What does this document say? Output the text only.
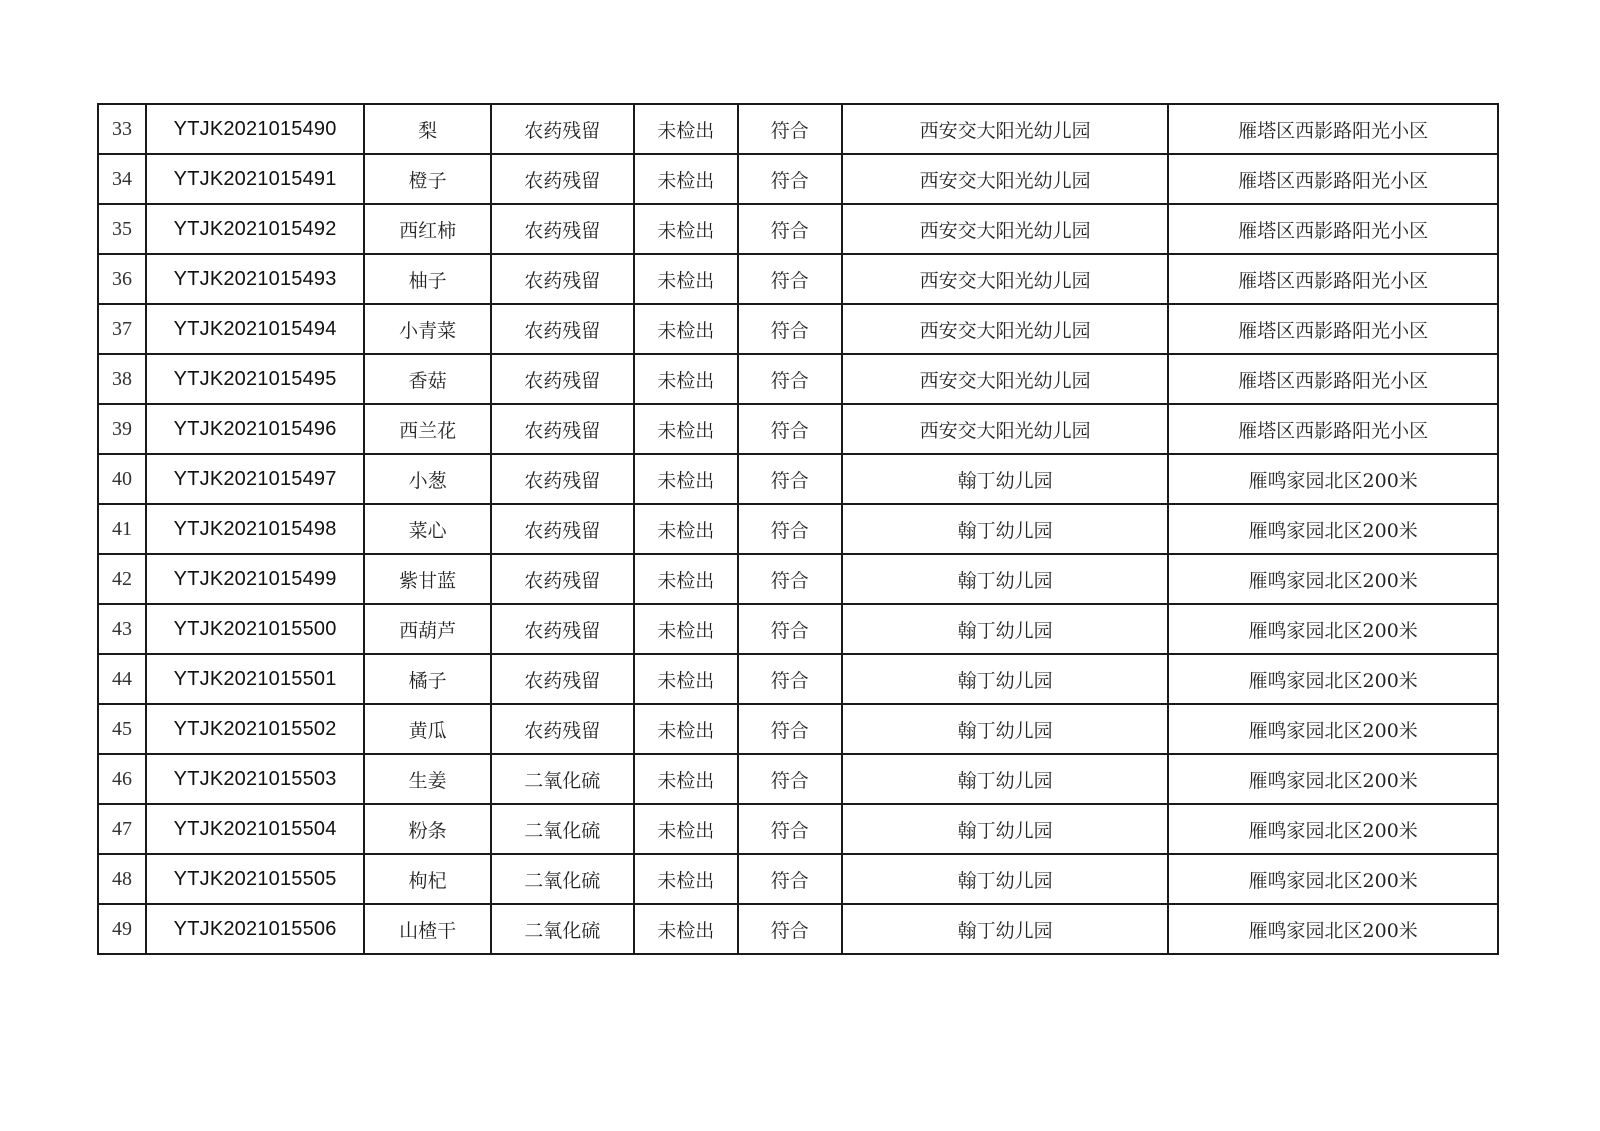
33	YTJK2021015490	梨	农药残留	未检出	符合	西安交大阳光幼儿园	雁塔区西影路阳光小区
34	YTJK2021015491	橙子	农药残留	未检出	符合	西安交大阳光幼儿园	雁塔区西影路阳光小区
35	YTJK2021015492	西红柿	农药残留	未检出	符合	西安交大阳光幼儿园	雁塔区西影路阳光小区
36	YTJK2021015493	柚子	农药残留	未检出	符合	西安交大阳光幼儿园	雁塔区西影路阳光小区
37	YTJK2021015494	小青菜	农药残留	未检出	符合	西安交大阳光幼儿园	雁塔区西影路阳光小区
38	YTJK2021015495	香菇	农药残留	未检出	符合	西安交大阳光幼儿园	雁塔区西影路阳光小区
39	YTJK2021015496	西兰花	农药残留	未检出	符合	西安交大阳光幼儿园	雁塔区西影路阳光小区
40	YTJK2021015497	小葱	农药残留	未检出	符合	翰丁幼儿园	雁鸣家园北区200米
41	YTJK2021015498	菜心	农药残留	未检出	符合	翰丁幼儿园	雁鸣家园北区200米
42	YTJK2021015499	紫甘蓝	农药残留	未检出	符合	翰丁幼儿园	雁鸣家园北区200米
43	YTJK2021015500	西葫芦	农药残留	未检出	符合	翰丁幼儿园	雁鸣家园北区200米
44	YTJK2021015501	橘子	农药残留	未检出	符合	翰丁幼儿园	雁鸣家园北区200米
45	YTJK2021015502	黄瓜	农药残留	未检出	符合	翰丁幼儿园	雁鸣家园北区200米
46	YTJK2021015503	生姜	二氧化硫	未检出	符合	翰丁幼儿园	雁鸣家园北区200米
47	YTJK2021015504	粉条	二氧化硫	未检出	符合	翰丁幼儿园	雁鸣家园北区200米
48	YTJK2021015505	枸杞	二氧化硫	未检出	符合	翰丁幼儿园	雁鸣家园北区200米
49	YTJK2021015506	山楂干	二氧化硫	未检出	符合	翰丁幼儿园	雁鸣家园北区200米
